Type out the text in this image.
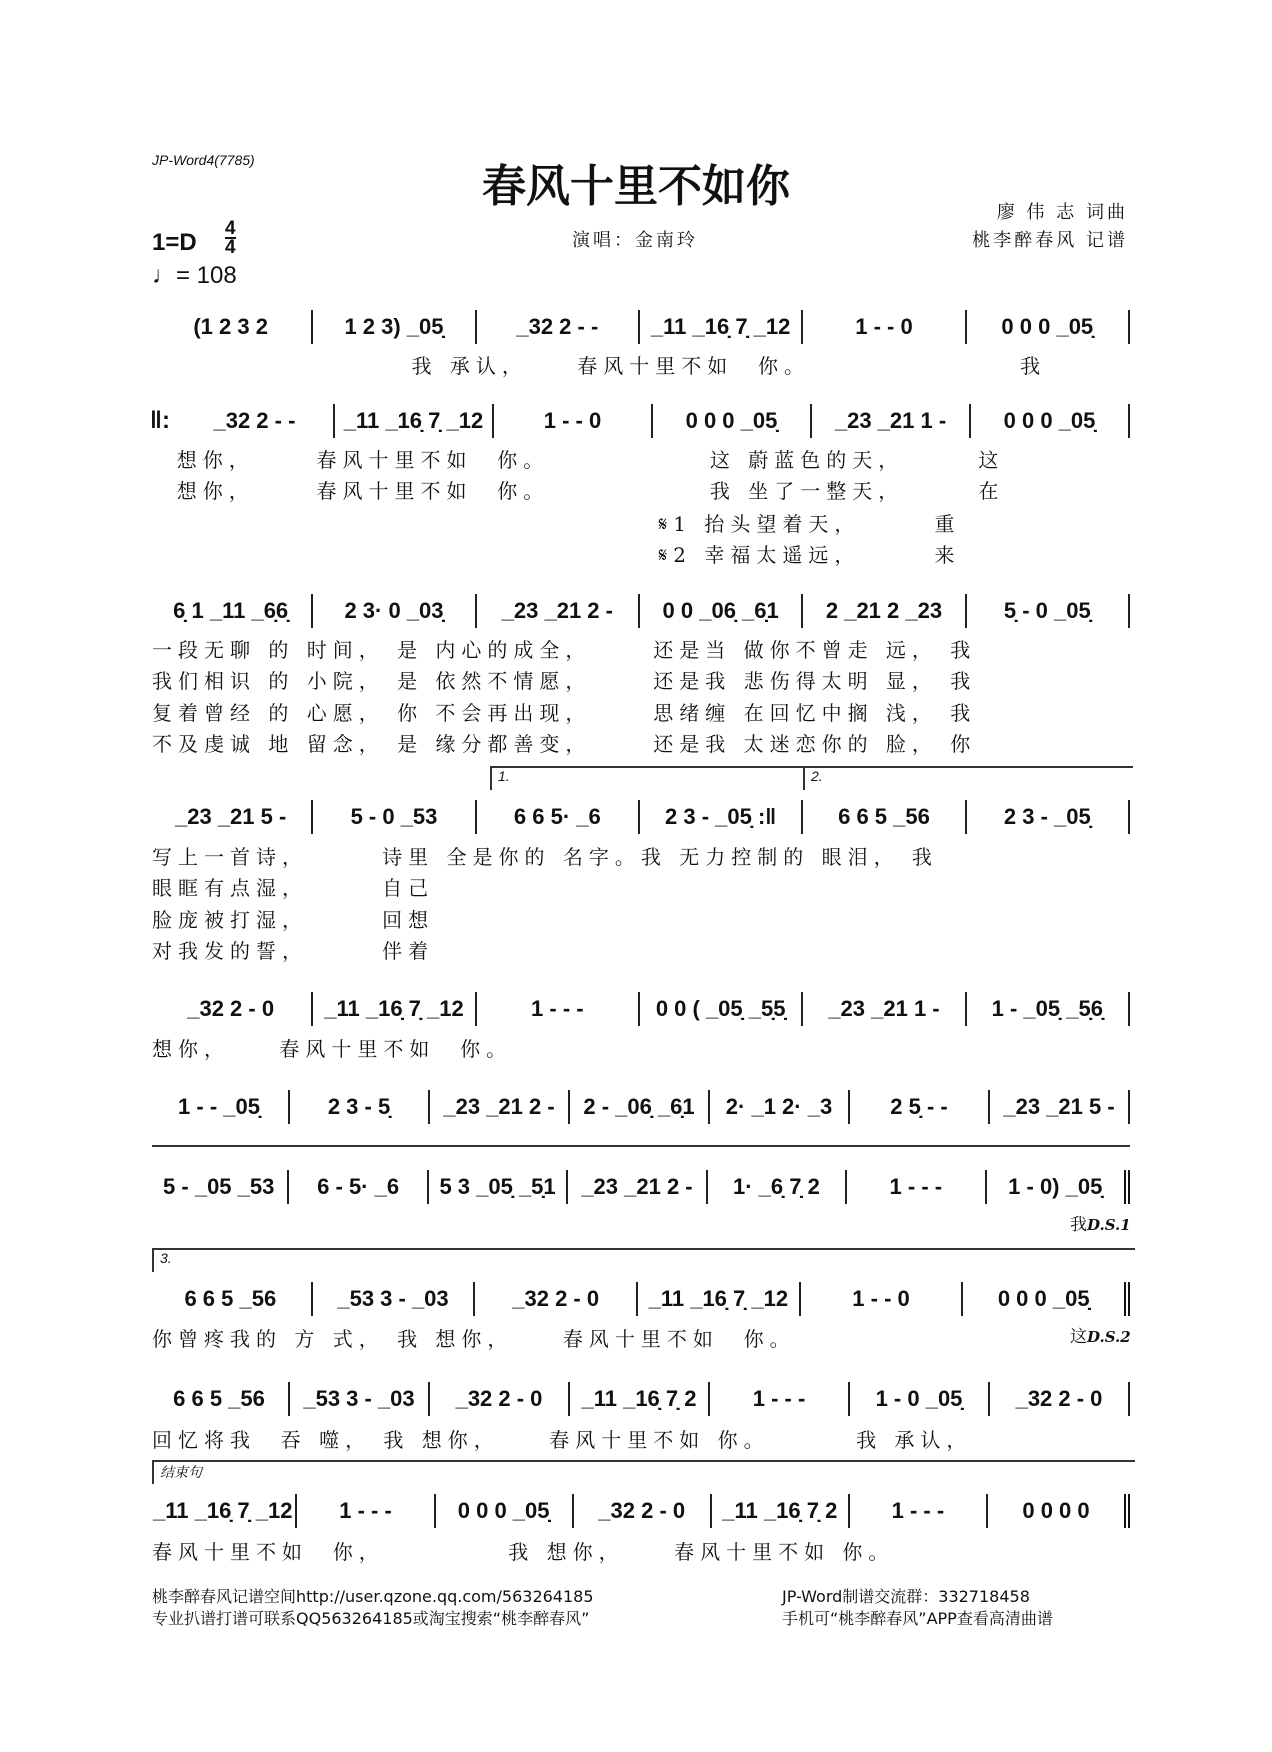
JP-Word4(7785)
春风十里不如你
廖 伟 志 词曲
桃李醉春风 记谱
演唱：金南玲
1=D
4
4
♩= 108
(1 2 3 2	1 2 3) _05̣	_32 2 - -	_11 _16̣ 7̣ _12	1 - - 0	0 0 0 _05̣
我 承认，    春风十里不如  你。                 我
‖:	_32 2 - -	_11 _16̣ 7̣ _12	1 - - 0	0 0 0 _05̣	_23 _21 1 -	0 0 0 _05̣
想你，     春风十里不如  你。             这 蔚蓝色的天，      这
想你，     春风十里不如  你。             我 坐了一整天，      在
𝄋1 抬头望着天，      重
𝄋2 幸福太遥远，      来
6̣ 1 _11 _6̣6̣	2 3· 0 _03̣	_23 _21 2 -	0 0 _06̣ _6̣1	2 _21 2 _23	5̣ - 0 _05̣
一段无聊 的 时间， 是 内心的成全，     还是当 做你不曾走 远， 我
我们相识 的 小院， 是 依然不情愿，     还是我 悲伤得太明 显， 我
复着曾经 的 心愿， 你 不会再出现，     思绪缠 在回忆中搁 浅， 我
不及虔诚 地 留念， 是 缘分都善变，     还是我 太迷恋你的 脸， 你
_23 _21 5 -	5 - 0 _53	6 6 5· _6	2 3 - _05̣ :‖	6 6 5 _56	2 3 - _05̣
写上一首诗，      诗里 全是你的 名字。我 无力控制的 眼泪， 我
眼眶有点湿，      自己
脸庞被打湿，      回想
对我发的誓，      伴着
1.	2.
_32 2 - 0	_11 _16̣ 7̣ _12	1 - - -	0 0 ( _05̣ _5̣5̣	_23 _21 1 -	1 - _05̣ _5̣6̣
想你，    春风十里不如  你。
1 - - _05̣	2 3 - 5̣	_23 _21 2 -	2 - _06̣ _6̣1	2· _1 2· _3	2 5̣ - -	_23 _21 5 -
5 - _05 _53	6 - 5· _6	5 3 _05̣ _5̣1	_23 _21 2 -	1· _6̣ 7̣ 2	1 - - -	1 - 0) _05̣
我D.S.1
6 6 5 _56	_53 3 - _03	_32 2 - 0	_11 _16̣ 7̣ _12	1 - - 0	0 0 0 _05̣
你曾疼我的 方 式， 我 想你，    春风十里不如  你。
3.
这D.S.2
6 6 5 _56	_53 3 - _03	_32 2 - 0	_11 _16̣ 7̣ 2	1 - - -	1 - 0 _05̣	_32 2 - 0
回忆将我  吞 噬， 我 想你，    春风十里不如 你。       我 承认，
_11 _16̣ 7̣ _12	1 - - -	0 0 0 _05̣	_32 2 - 0	_11 _16̣ 7̣ 2	1 - - -	0 0 0 0
春风十里不如  你，          我 想你，    春风十里不如 你。
结束句
桃李醉春风记谱空间http://user.qzone.qq.com/563264185
专业扒谱打谱可联系QQ563264185或淘宝搜索“桃李醉春风”
JP-Word制谱交流群：332718458
手机可“桃李醉春风”APP查看高清曲谱
